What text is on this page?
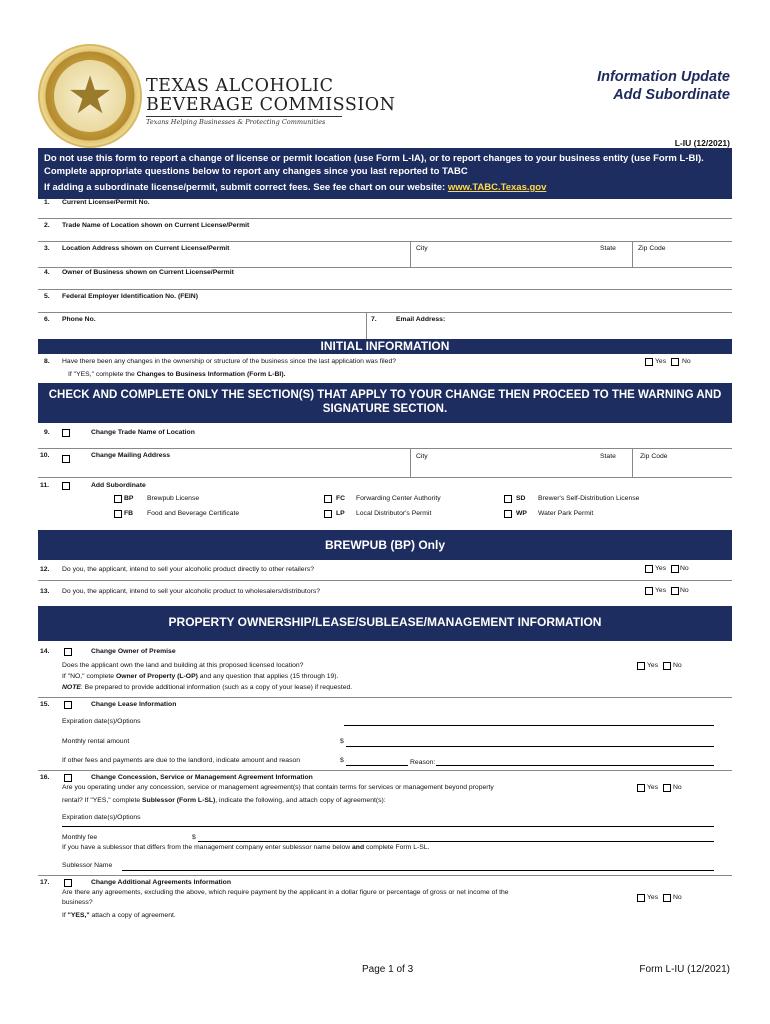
★	TEXAS ALCOHOLIC
BEVERAGE COMMISSION
Texans Helping Businesses & Protecting Communities
Information Update
Add Subordinate
L-IU (12/2021)

Do not use this form to report a change of license or permit location (use Form L-IA), or to report changes to your business entity (use Form L-BI). Complete appropriate questions below to report any changes since you last reported to TABC

If adding a subordinate license/permit, submit correct fees. See fee chart on our website: www.TABC.Texas.gov

1. Current License/Permit No.
2. Trade Name of Location shown on Current License/Permit
3. Location Address shown on Current License/Permit	City	State	Zip Code
4. Owner of Business shown on Current License/Permit
5. Federal Employer Identification No. (FEIN)
6. Phone No.	7.	Email Address:
INITIAL INFORMATION
8. Have there been any changes in the ownership or structure of the business since the last application was filed?	Yes No
If "YES," complete the Changes to Business Information (Form L-BI).
CHECK AND COMPLETE ONLY THE SECTION(S) THAT APPLY TO YOUR CHANGE THEN PROCEED TO THE WARNING AND SIGNATURE SECTION.
9.	Change Trade Name of Location
10.	Change Mailing Address	City	State	Zip Code
11.	Add Subordinate
BP Brewpub License	FC Forwarding Center Authority	SD Brewer's Self-Distribution License
FB Food and Beverage Certificate	LP Local Distributor's Permit	WP Water Park Permit
BREWPUB (BP) Only
12. Do you, the applicant, intend to sell your alcoholic product directly to other retailers?	Yes No
13. Do you, the applicant, intend to sell your alcoholic product to wholesalers/distributors?	Yes No
PROPERTY OWNERSHIP/LEASE/SUBLEASE/MANAGEMENT INFORMATION
14.	Change Owner of Premise
Does the applicant own the land and building at this proposed licensed location?	Yes No
If "NO," complete Owner of Property (L-OP) and any question that applies (15 through 19).
NOTE: Be prepared to provide additional information (such as a copy of your lease) if requested.
15.	Change Lease Information
Expiration date(s)/Options
Monthly rental amount	$
If other fees and payments are due to the landlord, indicate amount and reason	$	Reason:
16.	Change Concession, Service or Management Agreement Information
Are you operating under any concession, service or management agreement(s) that contain terms for services or management beyond property	Yes No
rental? If "YES," complete Sublessor (Form L-SL), indicate the following, and attach copy of agreement(s):
Expiration date(s)/Options
Monthly fee	$
If you have a sublessor that differs from the management company enter sublessor name below and complete Form L-SL.
Sublessor Name
17.	Change Additional Agreements Information
Are there any agreements, excluding the above, which require payment by the applicant in a dollar figure or percentage of gross or net income of the
business?
Yes No
If "YES," attach a copy of agreement.
Page 1 of 3	Form L-IU (12/2021)
